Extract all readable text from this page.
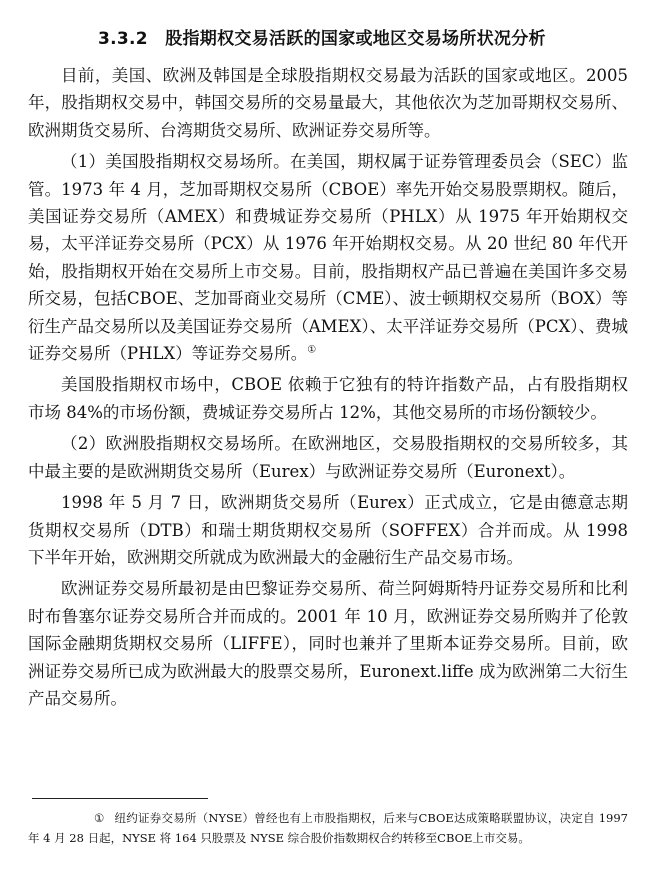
3.3.2　股指期权交易活跃的国家或地区交易场所状况分析

目前，美国、欧洲及韩国是全球股指期权交易最为活跃的国家或地区。2005 年，股指期权交易中，韩国交易所的交易量最大，其他依次为芝加哥期权交易所、欧洲期货交易所、台湾期货交易所、欧洲证券交易所等。

（1）美国股指期权交易场所。在美国，期权属于证券管理委员会（SEC）监管。1973 年 4 月，芝加哥期权交易所（CBOE）率先开始交易股票期权。随后，美国证券交易所（AMEX）和费城证券交易所（PHLX）从 1975 年开始期权交易，太平洋证券交易所（PCX）从 1976 年开始期权交易。从 20 世纪 80 年代开始，股指期权开始在交易所上市交易。目前，股指期权产品已普遍在美国许多交易所交易，包括CBOE、芝加哥商业交易所（CME）、波士顿期权交易所（BOX）等衍生产品交易所以及美国证券交易所（AMEX）、太平洋证券交易所（PCX）、费城证券交易所（PHLX）等证券交易所。①

美国股指期权市场中，CBOE 依赖于它独有的特许指数产品，占有股指期权市场 84%的市场份额，费城证券交易所占 12%，其他交易所的市场份额较少。

（2）欧洲股指期权交易场所。在欧洲地区，交易股指期权的交易所较多，其中最主要的是欧洲期货交易所（Eurex）与欧洲证券交易所（Euronext）。

1998 年 5 月 7 日，欧洲期货交易所（Eurex）正式成立，它是由德意志期货期权交易所（DTB）和瑞士期货期权交易所（SOFFEX）合并而成。从 1998 下半年开始，欧洲期交所就成为欧洲最大的金融衍生产品交易市场。

欧洲证券交易所最初是由巴黎证券交易所、荷兰阿姆斯特丹证券交易所和比利时布鲁塞尔证券交易所合并而成的。2001 年 10 月，欧洲证券交易所购并了伦敦国际金融期货期权交易所（LIFFE），同时也兼并了里斯本证券交易所。目前，欧洲证券交易所已成为欧洲最大的股票交易所，Euronext.liffe 成为欧洲第二大衍生产品交易所。

① 纽约证券交易所（NYSE）曾经也有上市股指期权，后来与CBOE达成策略联盟协议，决定自 1997 年 4 月 28 日起，NYSE 将 164 只股票及 NYSE 综合股价指数期权合约转移至CBOE上市交易。
